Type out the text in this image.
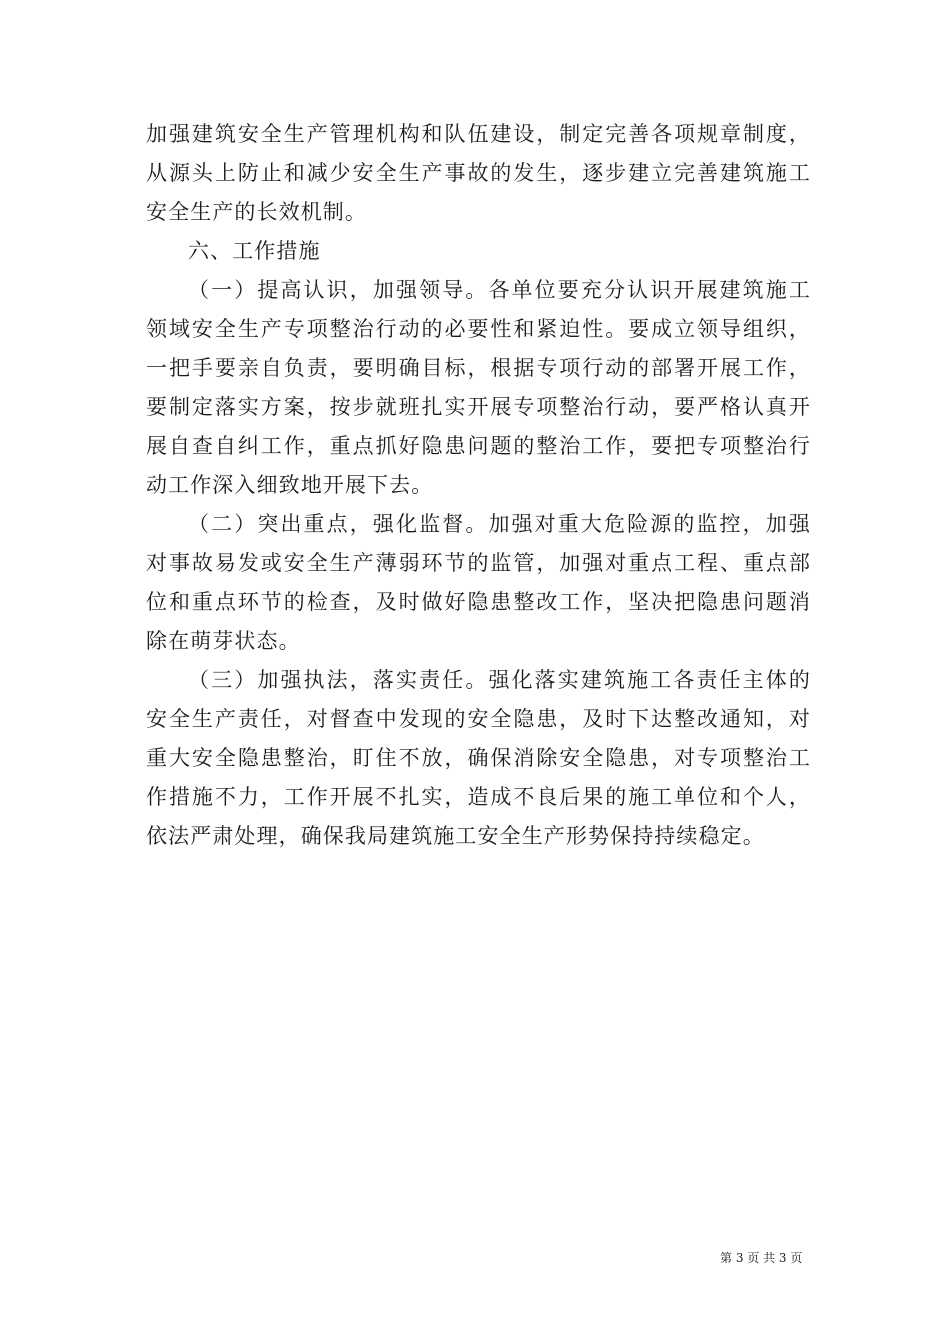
加强建筑安全生产管理机构和队伍建设，制定完善各项规章制度，
从源头上防止和减少安全生产事故的发生，逐步建立完善建筑施工
安全生产的长效机制。
六、工作措施
（一）提高认识，加强领导。各单位要充分认识开展建筑施工
领域安全生产专项整治行动的必要性和紧迫性。要成立领导组织，
一把手要亲自负责，要明确目标，根据专项行动的部署开展工作，
要制定落实方案，按步就班扎实开展专项整治行动，要严格认真开
展自查自纠工作，重点抓好隐患问题的整治工作，要把专项整治行
动工作深入细致地开展下去。
（二）突出重点，强化监督。加强对重大危险源的监控，加强
对事故易发或安全生产薄弱环节的监管，加强对重点工程、重点部
位和重点环节的检查，及时做好隐患整改工作，坚决把隐患问题消
除在萌芽状态。
（三）加强执法，落实责任。强化落实建筑施工各责任主体的
安全生产责任，对督查中发现的安全隐患，及时下达整改通知，对
重大安全隐患整治，盯住不放，确保消除安全隐患，对专项整治工
作措施不力，工作开展不扎实，造成不良后果的施工单位和个人，
依法严肃处理，确保我局建筑施工安全生产形势保持持续稳定。
第 3 页 共 3 页
